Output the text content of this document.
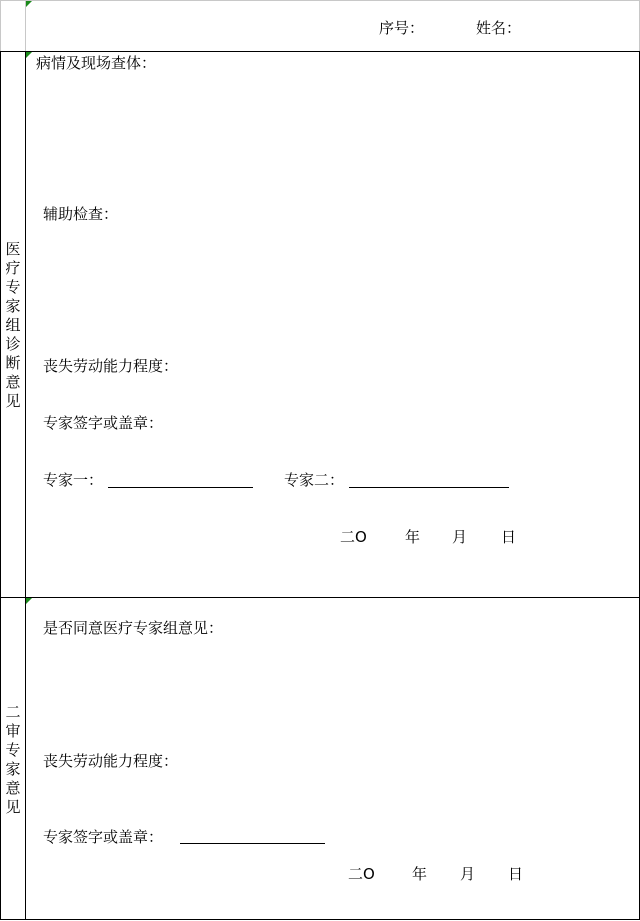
序号：	姓名：
医
疗
专
家
组
诊
断
意
见
病情及现场查体：
辅助检查：
丧失劳动能力程度：
专家签字或盖章：
专家一：	专家二：
二O	年 月 日
二
审
专
家
意
见
是否同意医疗专家组意见：
丧失劳动能力程度：
专家签字或盖章：
二O 年 月 日
